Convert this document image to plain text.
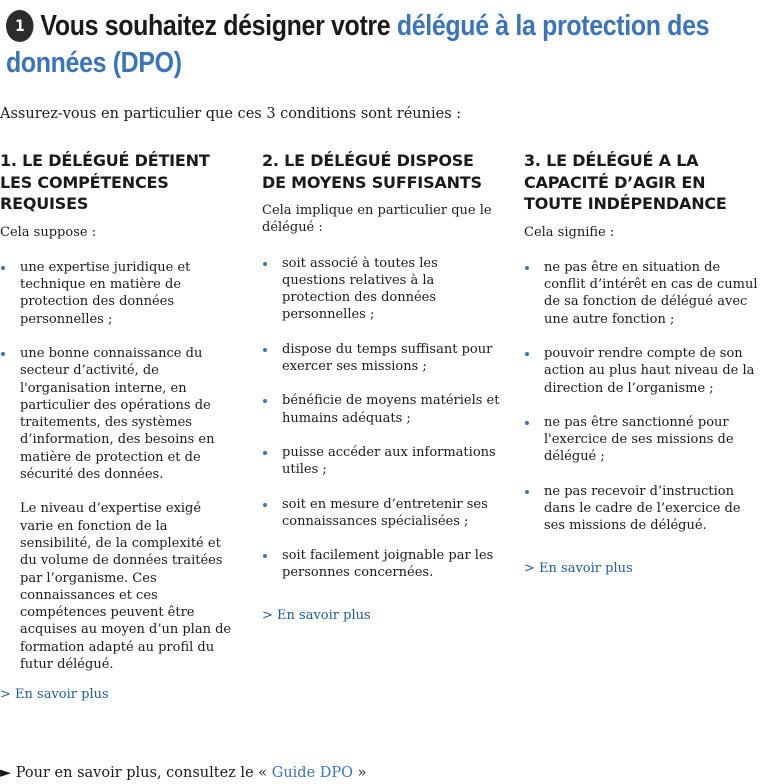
1 Vous souhaitez désigner votre délégué à la protection des données (DPO)

Assurez-vous en particulier que ces 3 conditions sont réunies :

1. LE DÉLÉGUÉ DÉTIENT LES COMPÉTENCES REQUISES

Cela suppose :

une expertise juridique et technique en matière de protection des données personnelles ;
une bonne connaissance du secteur d’activité, de l'organisation interne, en particulier des opérations de traitements, des systèmes d’information, des besoins en matière de protection et de sécurité des données.

Le niveau d’expertise exigé varie en fonction de la sensibilité, de la complexité et du volume de données traitées par l’organisme. Ces connaissances et ces compétences peuvent être acquises au moyen d’un plan de formation adapté au profil du futur délégué.

> En savoir plus

2. LE DÉLÉGUÉ DISPOSE DE MOYENS SUFFISANTS

Cela implique en particulier que le délégué :

soit associé à toutes les questions relatives à la protection des données personnelles ;
dispose du temps suffisant pour exercer ses missions ;
bénéficie de moyens matériels et humains adéquats ;
puisse accéder aux informations utiles ;
soit en mesure d’entretenir ses connaissances spécialisées ;
soit facilement joignable par les personnes concernées.

> En savoir plus

3. LE DÉLÉGUÉ A LA CAPACITÉ D’AGIR EN TOUTE INDÉPENDANCE

Cela signifie :

ne pas être en situation de conflit d’intérêt en cas de cumul de sa fonction de délégué avec une autre fonction ;
pouvoir rendre compte de son action au plus haut niveau de la direction de l’organisme ;
ne pas être sanctionné pour l'exercice de ses missions de délégué ;
ne pas recevoir d’instruction dans le cadre de l’exercice de ses missions de délégué.

> En savoir plus

► Pour en savoir plus, consultez le « Guide DPO »
